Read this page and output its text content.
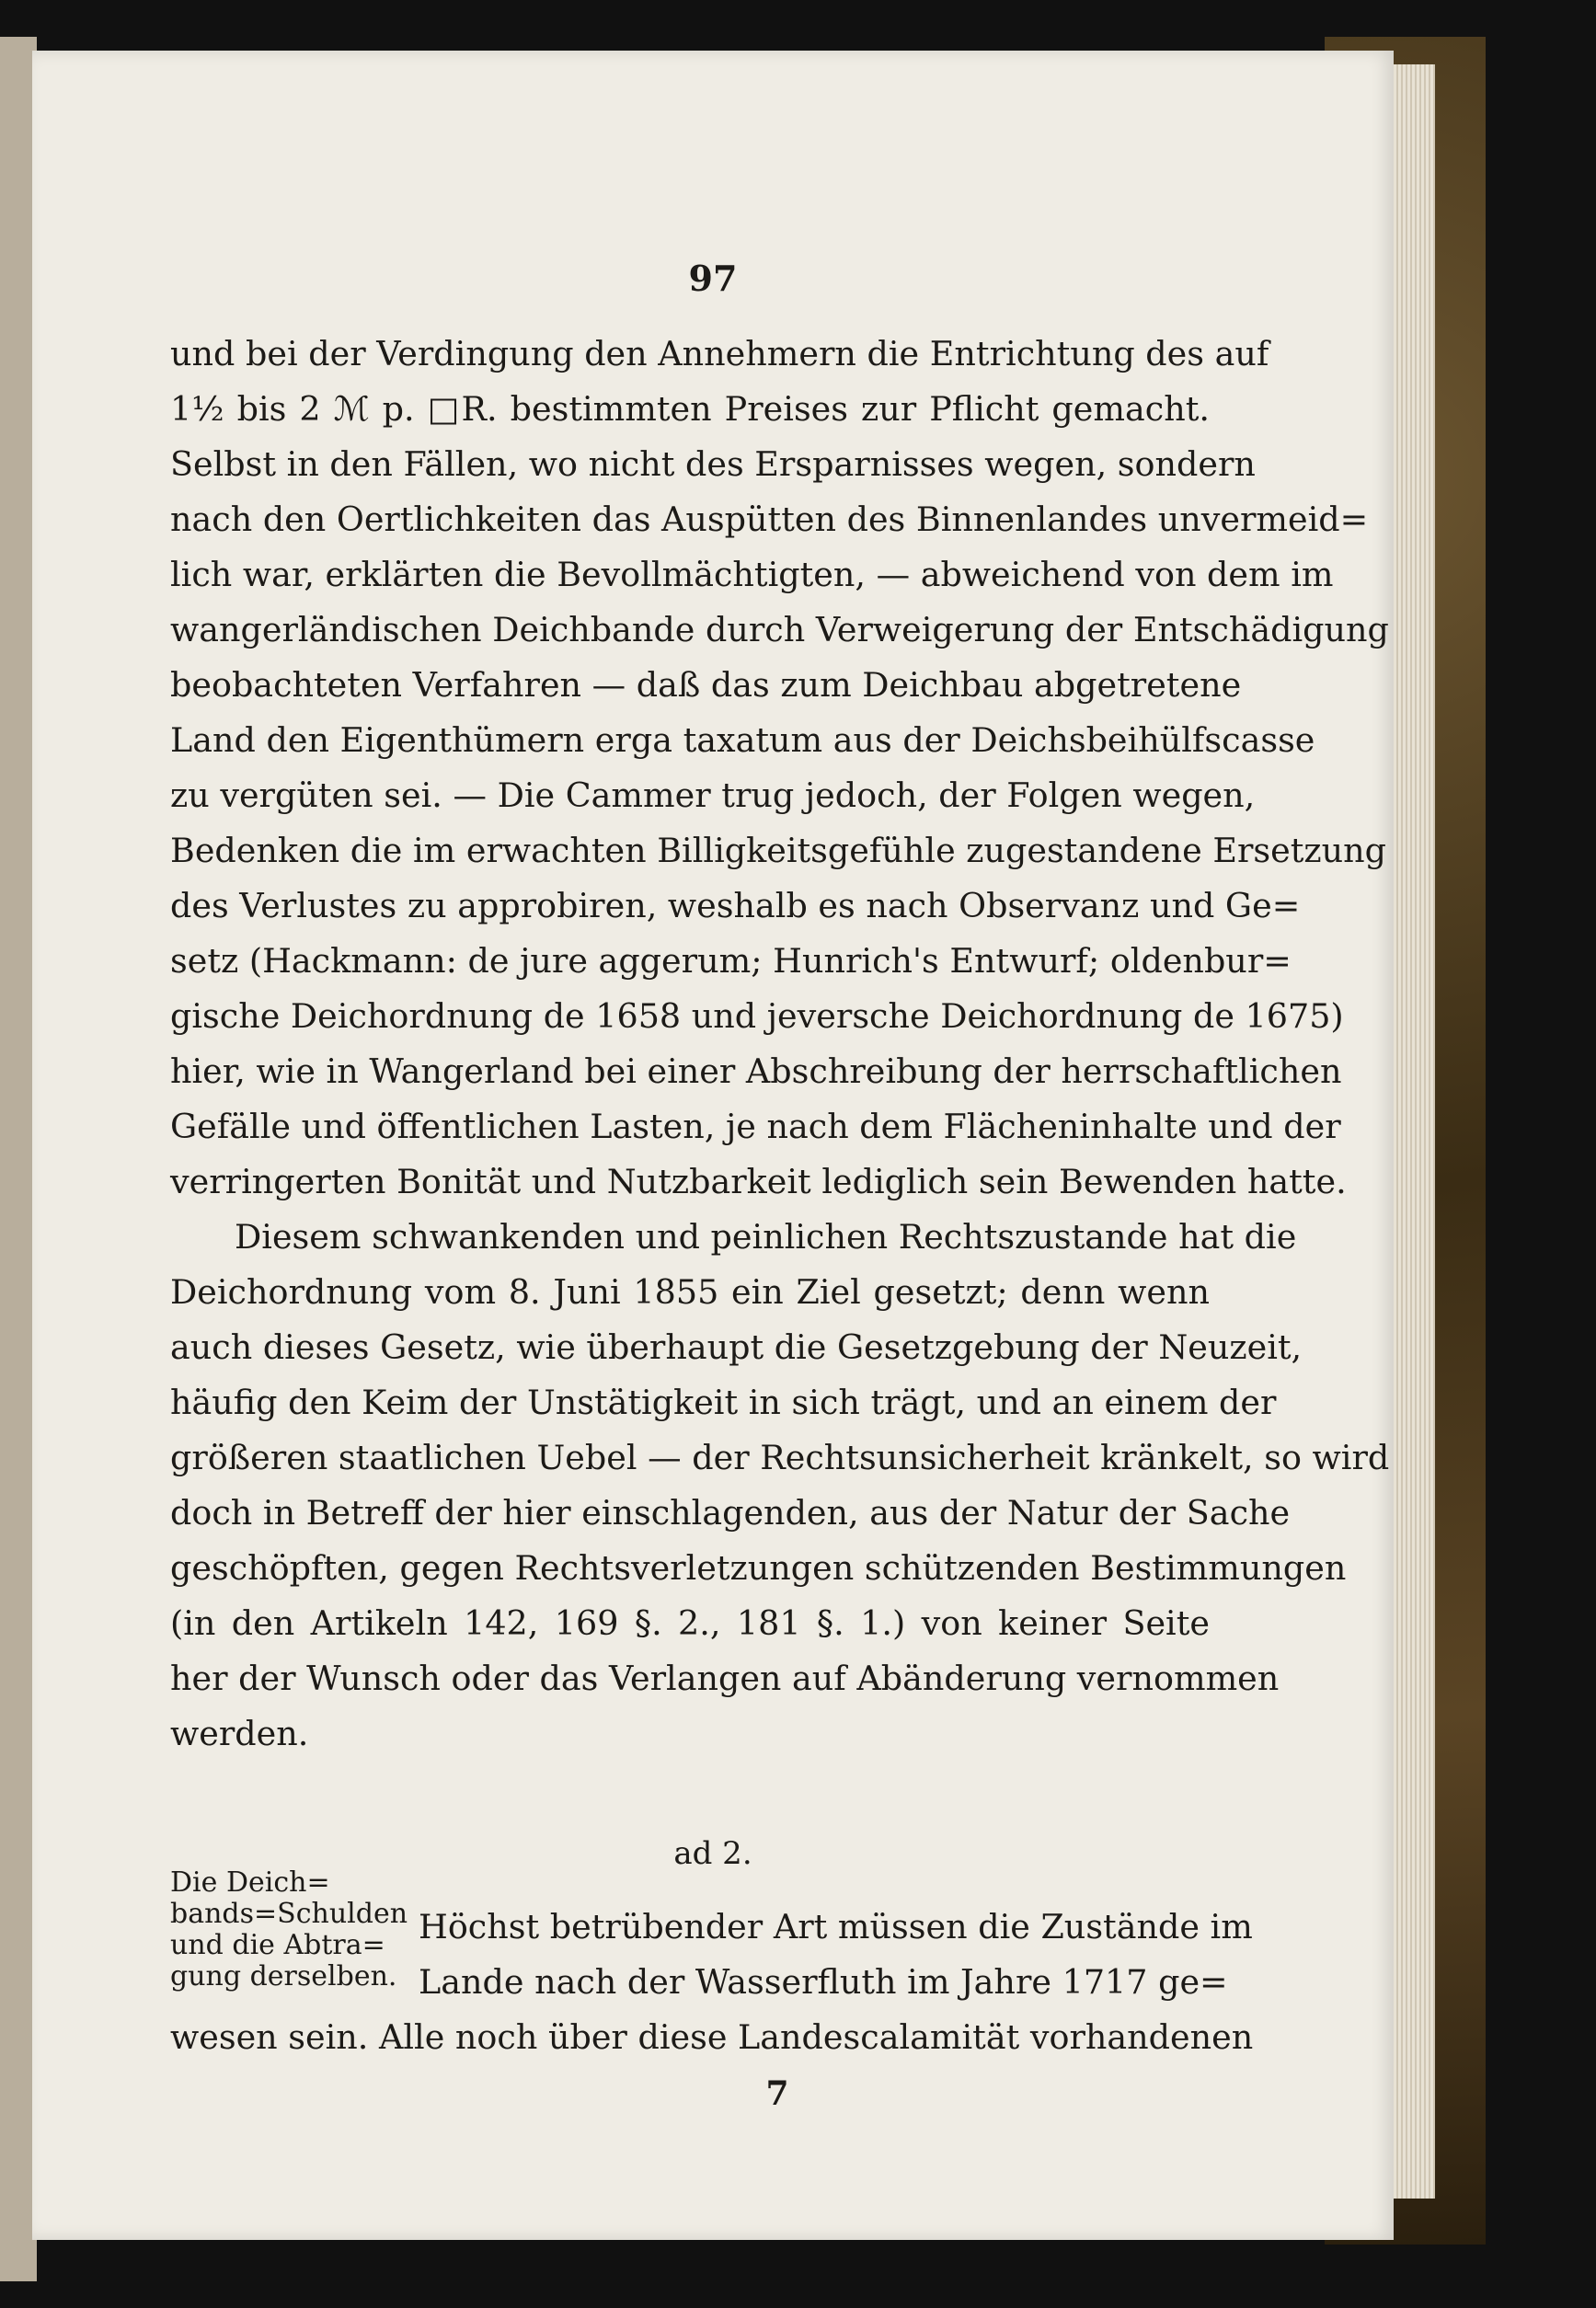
97
und bei der Verdingung den Annehmern die Entrichtung des auf
1½ bis 2 ℳ p. □R. bestimmten Preises zur Pflicht gemacht.
Selbst in den Fällen, wo nicht des Ersparnisses wegen, sondern
nach den Oertlichkeiten das Auspütten des Binnenlandes unvermeid=
lich war, erklärten die Bevollmächtigten, — abweichend von dem im
wangerländischen Deichbande durch Verweigerung der Entschädigung
beobachteten Verfahren — daß das zum Deichbau abgetretene
Land den Eigenthümern erga taxatum aus der Deichsbeihülfscasse
zu vergüten sei. — Die Cammer trug jedoch, der Folgen wegen,
Bedenken die im erwachten Billigkeitsgefühle zugestandene Ersetzung
des Verlustes zu approbiren, weshalb es nach Observanz und Ge=
setz (Hackmann: de jure aggerum; Hunrich's Entwurf; oldenbur=
gische Deichordnung de 1658 und jeversche Deichordnung de 1675)
hier, wie in Wangerland bei einer Abschreibung der herrschaftlichen
Gefälle und öffentlichen Lasten, je nach dem Flächeninhalte und der
verringerten Bonität und Nutzbarkeit lediglich sein Bewenden hatte.
Diesem schwankenden und peinlichen Rechtszustande hat die
Deichordnung vom 8. Juni 1855 ein Ziel gesetzt; denn wenn
auch dieses Gesetz, wie überhaupt die Gesetzgebung der Neuzeit,
häufig den Keim der Unstätigkeit in sich trägt, und an einem der
größeren staatlichen Uebel — der Rechtsunsicherheit kränkelt, so wird
doch in Betreff der hier einschlagenden, aus der Natur der Sache
geschöpften, gegen Rechtsverletzungen schützenden Bestimmungen
(in den Artikeln 142, 169 §. 2., 181 §. 1.) von keiner Seite
her der Wunsch oder das Verlangen auf Abänderung vernommen
werden.
ad 2.
Die Deich=
bands=Schulden
und die Abtra=
gung derselben.
Höchst betrübender Art müssen die Zustände im
Lande nach der Wasserfluth im Jahre 1717 ge=
wesen sein. Alle noch über diese Landescalamität vorhandenen
7
